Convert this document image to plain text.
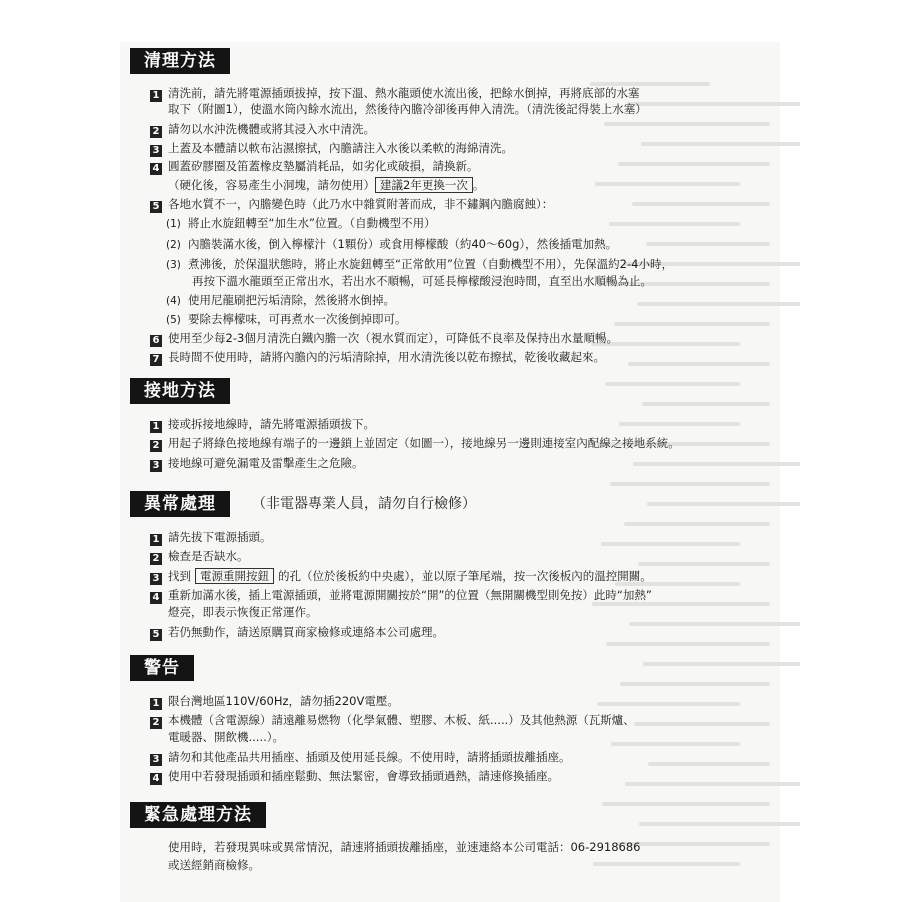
清理方法
1 清洗前，請先將電源插頭拔掉，按下溫、熱水龍頭使水流出後，把餘水倒掉，再將底部的水塞
取下（附圖1），使溫水筒內餘水流出，然後待內膽冷卻後再伸入清洗。（清洗後記得裝上水塞）
2 請勿以水沖洗機體或將其浸入水中清洗。
3 上蓋及本體請以軟布沾濕擦拭，內膽請注入水後以柔軟的海綿清洗。
4 圓蓋矽膠圈及笛蓋橡皮墊屬消耗品，如劣化或破損，請換新。
（硬化後，容易產生小洞塊，請勿使用） 建議2年更換一次 。
5 各地水質不一，內膽變色時（此乃水中雜質附著而成，非不鏽鋼內膽腐蝕）：
(1) 將止水旋鈕轉至“加生水”位置。（自動機型不用）
(2) 內膽裝滿水後，倒入檸檬汁（1顆份）或食用檸檬酸（約40～60g），然後插電加熱。
(3) 煮沸後，於保溫狀態時，將止水旋鈕轉至“正常飲用”位置（自動機型不用），先保溫約2-4小時，
再按下溫水龍頭至正常出水，若出水不順暢，可延長檸檬酸浸泡時間，直至出水順暢為止。
(4) 使用尼龍刷把污垢清除，然後將水倒掉。
(5) 要除去檸檬味，可再煮水一次後倒掉即可。
6 使用至少每2-3個月清洗白鐵內膽一次（視水質而定），可降低不良率及保持出水量順暢。
7 長時間不使用時，請將內膽內的污垢清除掉，用水清洗後以乾布擦拭，乾後收藏起來。
接地方法
1 接或拆接地線時，請先將電源插頭拔下。
2 用起子將綠色接地線有端子的一邊鎖上並固定（如圖一），接地線另一邊則連接室內配線之接地系統。
3 接地線可避免漏電及雷擊產生之危險。
異常處理	（非電器專業人員，請勿自行檢修）
1 請先拔下電源插頭。
2 檢查是否缺水。
3 找到 電源重開按鈕 的孔（位於後板約中央處），並以原子筆尾端，按一次後板內的溫控開關。
4 重新加滿水後，插上電源插頭，並將電源開關按於“開”的位置（無開關機型則免按）此時“加熱”
燈亮，即表示恢復正常運作。
5 若仍無動作，請送原購買商家檢修或連絡本公司處理。
警告
1 限台灣地區110V/60Hz，請勿插220V電壓。
2 本機體（含電源線）請遠離易燃物（化學氣體、塑膠、木板、紙.....）及其他熱源（瓦斯爐、
電暖器、開飲機.....）。
3 請勿和其他產品共用插座、插頭及使用延長線。不使用時，請將插頭拔離插座。
4 使用中若發現插頭和插座鬆動、無法緊密，會導致插頭過熱，請速修換插座。
緊急處理方法
使用時，若發現異味或異常情況，請速將插頭拔離插座，並速連絡本公司電話：06-2918686
或送經銷商檢修。
